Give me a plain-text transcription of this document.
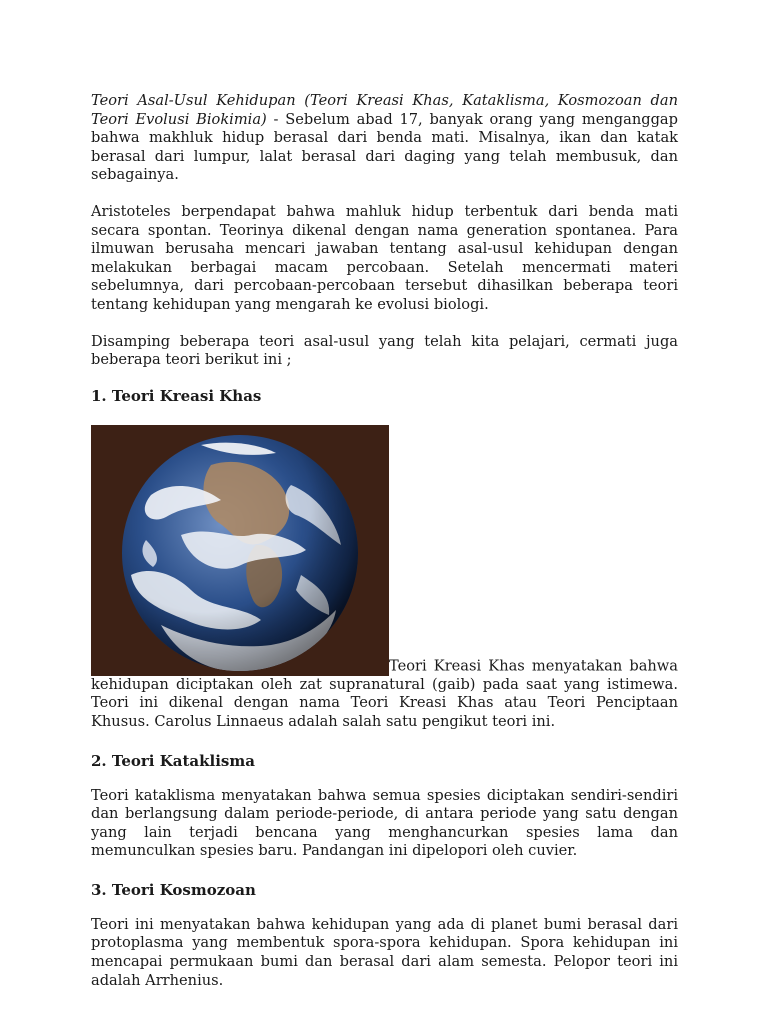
Teori Asal-Usul Kehidupan (Teori Kreasi Khas, Kataklisma, Kosmozoan dan Teori Evolusi Biokimia) - Sebelum abad 17, banyak orang yang menganggap bahwa makhluk hidup berasal dari benda mati. Misalnya, ikan dan katak berasal dari lumpur, lalat berasal dari daging yang telah membusuk, dan sebagainya.

Aristoteles berpendapat bahwa mahluk hidup terbentuk dari benda mati secara spontan. Teorinya dikenal dengan nama generation spontanea. Para ilmuwan berusaha mencari jawaban tentang asal-usul kehidupan dengan melakukan berbagai macam percobaan. Setelah mencermati materi sebelumnya, dari percobaan-percobaan tersebut dihasilkan beberapa teori tentang kehidupan yang mengarah ke evolusi biologi.

Disamping beberapa teori asal-usul yang telah kita pelajari, cermati juga beberapa teori berikut ini ;

1. Teori Kreasi Khas

Teori Kreasi Khas menyatakan bahwa kehidupan diciptakan oleh zat supranatural (gaib) pada saat yang istimewa. Teori ini dikenal dengan nama Teori Kreasi Khas atau Teori Penciptaan Khusus. Carolus Linnaeus adalah salah satu pengikut teori ini.

2. Teori Kataklisma

Teori kataklisma menyatakan bahwa semua spesies diciptakan sendiri-sendiri dan berlangsung dalam periode-periode, di antara periode yang satu dengan yang lain terjadi bencana yang menghancurkan spesies lama dan memunculkan spesies baru. Pandangan ini dipelopori oleh cuvier.

3. Teori Kosmozoan

Teori ini menyatakan bahwa kehidupan yang ada di planet bumi berasal dari protoplasma yang membentuk spora-spora kehidupan. Spora kehidupan ini mencapai permukaan bumi dan berasal dari alam semesta. Pelopor teori ini adalah Arrhenius.
